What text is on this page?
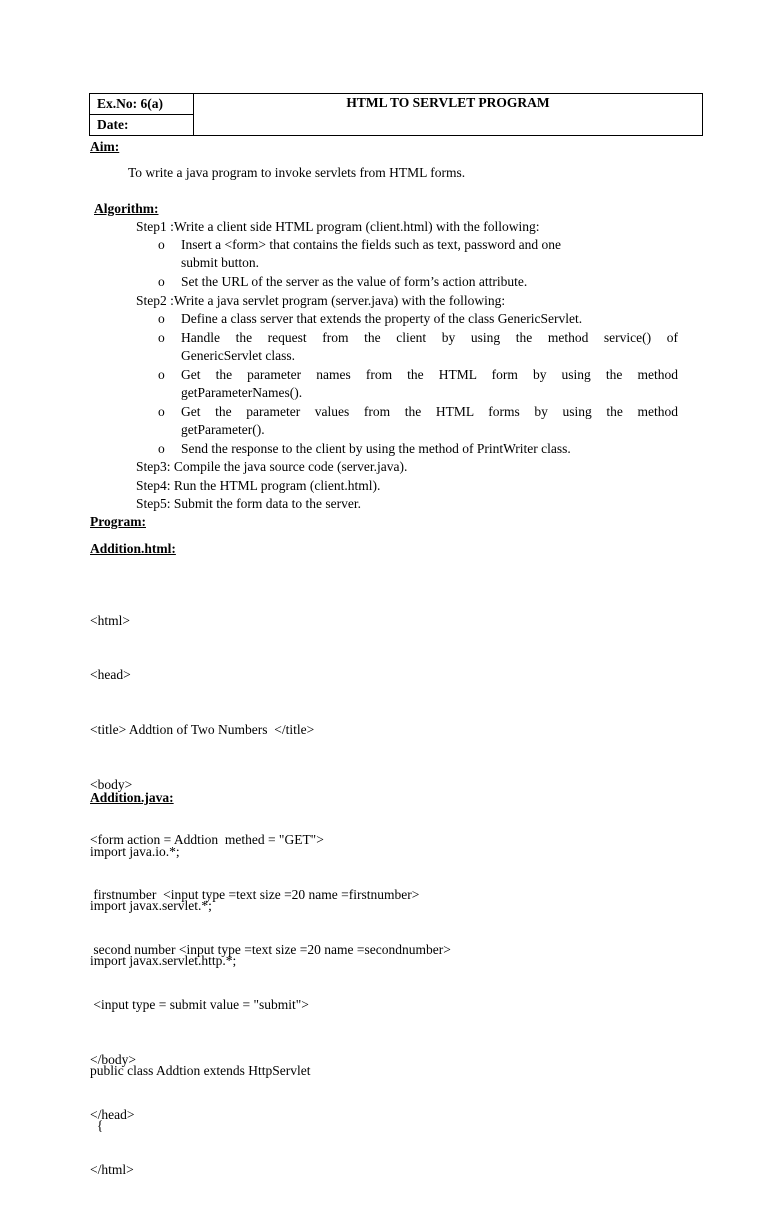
Ex.No: 6(a)	HTML TO SERVLET PROGRAM
Date:
Aim:
To write a java program to invoke servlets from HTML forms.
Algorithm:
Step1 :Write a client side HTML program (client.html) with the following:
o Insert a <form> that contains the fields such as text, password and one
submit button.
o Set the URL of the server as the value of form’s action attribute.
Step2 :Write a java servlet program (server.java) with the following:
o Define a class server that extends the property of the class GenericServlet.
o Handle the request from the client by using the method service() of
GenericServlet class.
o Get the parameter names from the HTML form by using the method
getParameterNames().
o Get the parameter values from the HTML forms by using the method
getParameter().
o Send the response to the client by using the method of PrintWriter class.
Step3: Compile the java source code (server.java).
Step4: Run the HTML program (client.html).
Step5: Submit the form data to the server.
Program:
Addition.html:

<html>

<head>

<title> Addtion of Two Numbers  </title>

<body>

<form action = Addtion  methed = "GET">

firstnumber  <input type =text size =20 name =firstnumber>

second number <input type =text size =20 name =secondnumber>

<input type = submit value = "submit">

</body>

</head>

</html>

Addition.java:

import java.io.*;

import javax.servlet.*;

import javax.servlet.http.*;

public class Addtion extends HttpServlet

{
